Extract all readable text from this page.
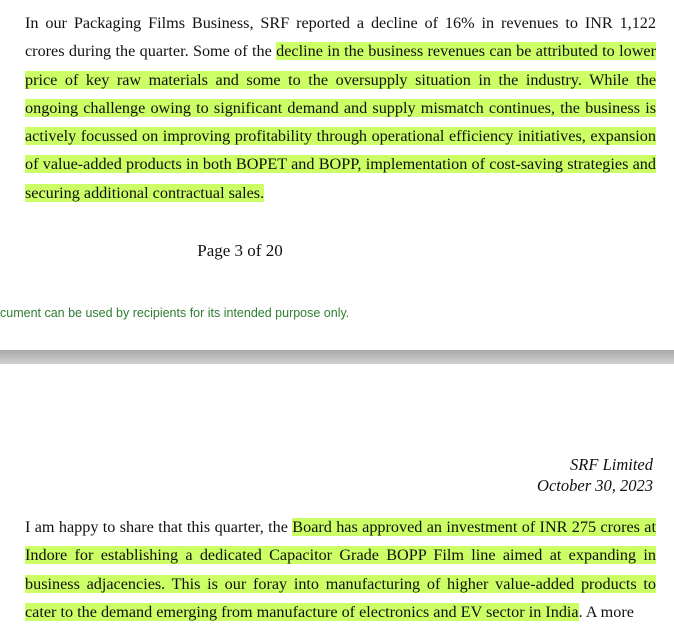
In our Packaging Films Business, SRF reported a decline of 16% in revenues to INR 1,122 crores during the quarter. Some of the decline in the business revenues can be attributed to lower price of key raw materials and some to the oversupply situation in the industry. While the ongoing challenge owing to significant demand and supply mismatch continues, the business is actively focussed on improving profitability through operational efficiency initiatives, expansion of value-added products in both BOPET and BOPP, implementation of cost-saving strategies and securing additional contractual sales.

Page 3 of 20
cument can be used by recipients for its intended purpose only.
SRF Limited
October 30, 2023

I am happy to share that this quarter, the Board has approved an investment of INR 275 crores at Indore for establishing a dedicated Capacitor Grade BOPP Film line aimed at expanding in business adjacencies. This is our foray into manufacturing of higher value-added products to cater to the demand emerging from manufacture of electronics and EV sector in India. A more
